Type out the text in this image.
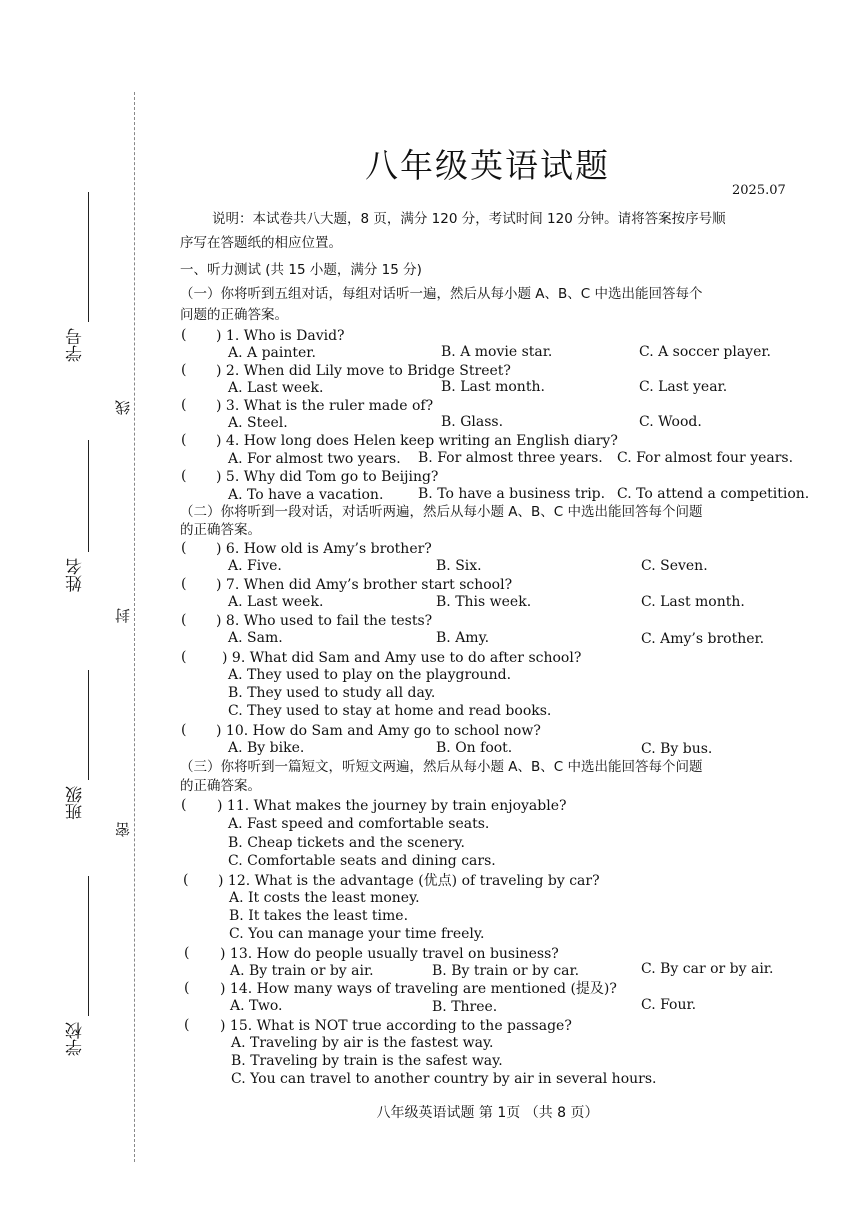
学号
姓名
班级
学校
线
封
密
八年级英语试题
2025.07
说明：本试卷共八大题，8 页，满分 120 分，考试时间 120 分钟。请将答案按序号顺
序写在答题纸的相应位置。
一、听力测试 (共 15 小题，满分 15 分)
（一）你将听到五组对话，每组对话听一遍，然后从每小题 A、B、C 中选出能回答每个
问题的正确答案。
( ) 1. Who is David?
A. A painter.	B. A movie star.	C. A soccer player.
( ) 2. When did Lily move to Bridge Street?
A. Last week.	B. Last month.	C. Last year.
( ) 3. What is the ruler made of?
A. Steel.	B. Glass.	C. Wood.
( ) 4. How long does Helen keep writing an English diary?
A. For almost two years. B. For almost three years. C. For almost four years.
( ) 5. Why did Tom go to Beijing?
A. To have a vacation. B. To have a business trip. C. To attend a competition.
（二）你将听到一段对话，对话听两遍，然后从每小题 A、B、C 中选出能回答每个问题
的正确答案。
( ) 6. How old is Amy’s brother?
A. Five.	B. Six.	C. Seven.
( ) 7. When did Amy’s brother start school?
A. Last week.	B. This week.	C. Last month.
( ) 8. Who used to fail the tests?
A. Sam.	B. Amy.	C. Amy’s brother.
(	) 9. What did Sam and Amy use to do after school?
A. They used to play on the playground.
B. They used to study all day.
C. They used to stay at home and read books.
( ) 10. How do Sam and Amy go to school now?
A. By bike.	B. On foot.	C. By bus.
（三）你将听到一篇短文，听短文两遍，然后从每小题 A、B、C 中选出能回答每个问题
的正确答案。
( ) 11. What makes the journey by train enjoyable?
A. Fast speed and comfortable seats.
B. Cheap tickets and the scenery.
C. Comfortable seats and dining cars.
( ) 12. What is the advantage (优点) of traveling by car?
A. It costs the least money.
B. It takes the least time.
C. You can manage your time freely.
( ) 13. How do people usually travel on business?
A. By train or by air.	B. By train or by car.	C. By car or by air.
( ) 14. How many ways of traveling are mentioned (提及)?
A. Two.	B. Three.	C. Four.
( ) 15. What is NOT true according to the passage?
A. Traveling by air is the fastest way.
B. Traveling by train is the safest way.
C. You can travel to another country by air in several hours.
八年级英语试题 第 1页 （共 8 页）
